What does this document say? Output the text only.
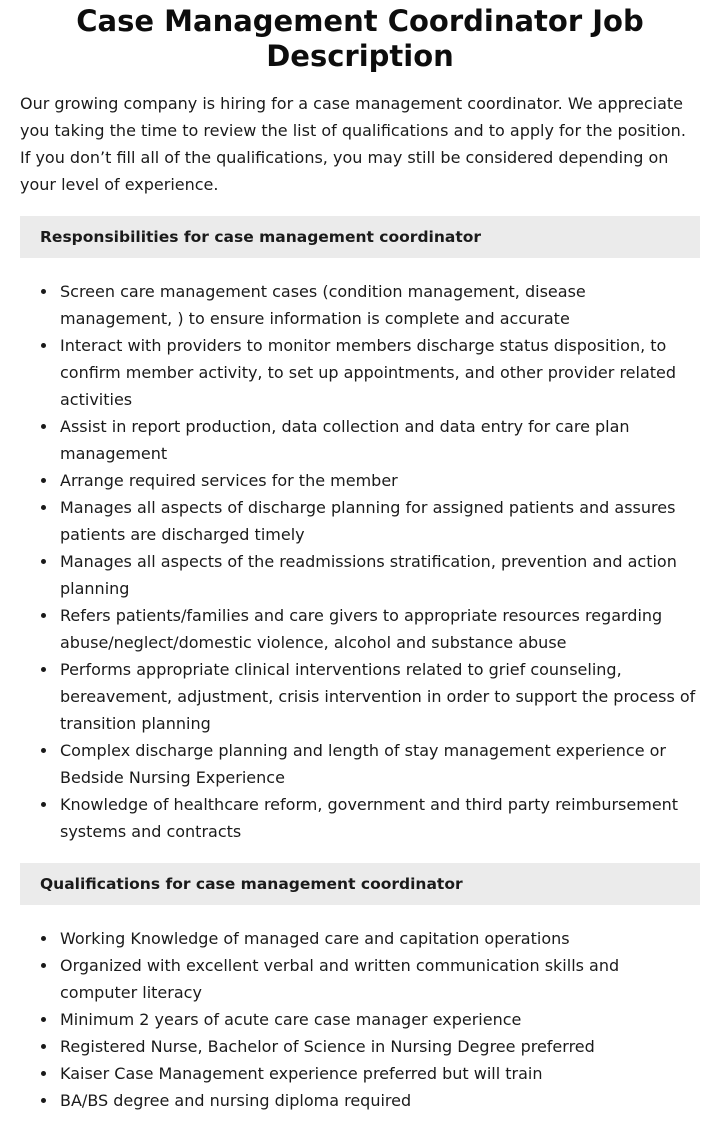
Case Management Coordinator Job Description

Our growing company is hiring for a case management coordinator. We appreciate you taking the time to review the list of qualifications and to apply for the position. If you don’t fill all of the qualifications, you may still be considered depending on your level of experience.

Responsibilities for case management coordinator
Screen care management cases (condition management, disease management, ) to ensure information is complete and accurate
Interact with providers to monitor members discharge status disposition, to confirm member activity, to set up appointments, and other provider related activities
Assist in report production, data collection and data entry for care plan management
Arrange required services for the member
Manages all aspects of discharge planning for assigned patients and assures patients are discharged timely
Manages all aspects of the readmissions stratification, prevention and action planning
Refers patients/families and care givers to appropriate resources regarding abuse/neglect/domestic violence, alcohol and substance abuse
Performs appropriate clinical interventions related to grief counseling, bereavement, adjustment, crisis intervention in order to support the process of transition planning
Complex discharge planning and length of stay management experience or Bedside Nursing Experience
Knowledge of healthcare reform, government and third party reimbursement systems and contracts
Qualifications for case management coordinator
Working Knowledge of managed care and capitation operations
Organized with excellent verbal and written communication skills and computer literacy
Minimum 2 years of acute care case manager experience
Registered Nurse, Bachelor of Science in Nursing Degree preferred
Kaiser Case Management experience preferred but will train
BA/BS degree and nursing diploma required
